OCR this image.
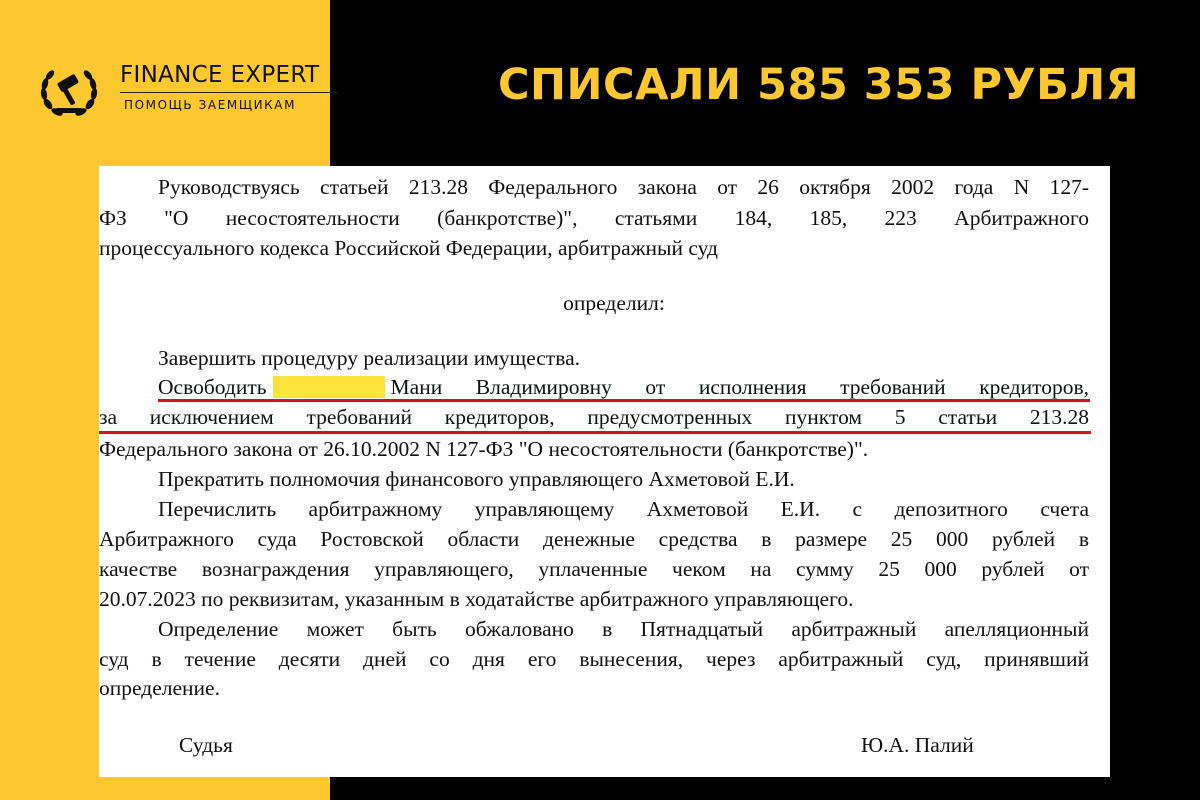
FINANCE EXPERT
ПОМОЩЬ ЗАЕМЩИКАМ	СПИСАЛИ 585 353 РУБЛЯ
Руководствуясь статьей 213.28 Федерального закона от 26 октября 2002 года N 127-
ФЗ "О несостоятельности (банкротстве)", статьями 184, 185, 223 Арбитражного
процессуального кодекса Российской Федерации, арбитражный суд
определил:
Завершить процедуру реализации имущества.
Освободить	Мани Владимировну от исполнения требований кредиторов,
за исключением требований кредиторов, предусмотренных пунктом 5 статьи 213.28
Федерального закона от 26.10.2002 N 127-ФЗ "О несостоятельности (банкротстве)".
Прекратить полномочия финансового управляющего Ахметовой Е.И.
Перечислить арбитражному управляющему Ахметовой Е.И. с депозитного счета
Арбитражного суда Ростовской области денежные средства в размере 25 000 рублей в
качестве вознаграждения управляющего, уплаченные чеком на сумму 25 000 рублей от
20.07.2023 по реквизитам, указанным в ходатайстве арбитражного управляющего.
Определение может быть обжаловано в Пятнадцатый арбитражный апелляционный
суд в течение десяти дней со дня его вынесения, через арбитражный суд, принявший
определение.
Судья	Ю.А. Палий
